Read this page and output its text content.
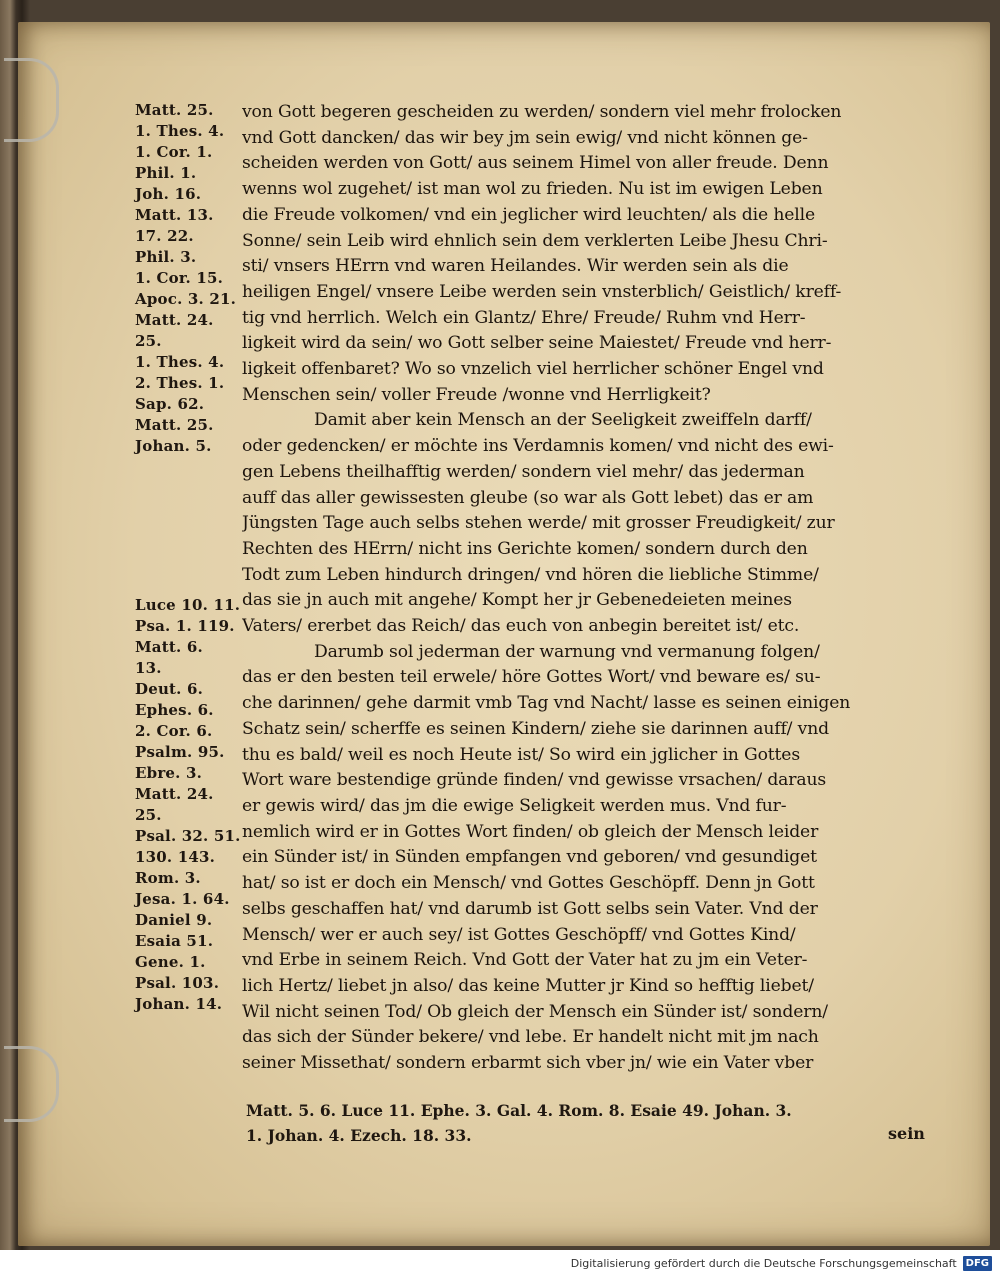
Matt. 25.
1. Thes. 4.
1. Cor. 1.
Phil. 1.
Joh. 16.
Matt. 13.
17. 22.
Phil. 3.
1. Cor. 15.
Apoc. 3. 21.
Matt. 24.
25.
1. Thes. 4.
2. Thes. 1.
Sap. 62.
Matt. 25.
Johan. 5.
Luce 10. 11.
Psa. 1. 119.
Matt. 6.
13.
Deut. 6.
Ephes. 6.
2. Cor. 6.
Psalm. 95.
Ebre. 3.
Matt. 24.
25.
Psal. 32. 51.
130. 143.
Rom. 3.
Jesa. 1. 64.
Daniel 9.
Esaia 51.
Gene. 1.
Psal. 103.
Johan. 14.
von Gott begeren gescheiden zu werden/ sondern viel mehr frolocken
vnd Gott dancken/ das wir bey jm sein ewig/ vnd nicht können ge-
scheiden werden von Gott/ aus seinem Himel von aller freude. Denn
wenns wol zugehet/ ist man wol zu frieden. Nu ist im ewigen Leben
die Freude volkomen/ vnd ein jeglicher wird leuchten/ als die helle
Sonne/ sein Leib wird ehnlich sein dem verklerten Leibe Jhesu Chri-
sti/ vnsers HErrn vnd waren Heilandes. Wir werden sein als die
heiligen Engel/ vnsere Leibe werden sein vnsterblich/ Geistlich/ kreff-
tig vnd herrlich. Welch ein Glantz/ Ehre/ Freude/ Ruhm vnd Herr-
ligkeit wird da sein/ wo Gott selber seine Maiestet/ Freude vnd herr-
ligkeit offenbaret? Wo so vnzelich viel herrlicher schöner Engel vnd
Menschen sein/ voller Freude /wonne vnd Herrligkeit?
Damit aber kein Mensch an der Seeligkeit zweiffeln darff/
oder gedencken/ er möchte ins Verdamnis komen/ vnd nicht des ewi-
gen Lebens theilhafftig werden/ sondern viel mehr/ das jederman
auff das aller gewissesten gleube (so war als Gott lebet) das er am
Jüngsten Tage auch selbs stehen werde/ mit grosser Freudigkeit/ zur
Rechten des HErrn/ nicht ins Gerichte komen/ sondern durch den
Todt zum Leben hindurch dringen/ vnd hören die liebliche Stimme/
das sie jn auch mit angehe/ Kompt her jr Gebenedeieten meines
Vaters/ ererbet das Reich/ das euch von anbegin bereitet ist/ etc.
Darumb sol jederman der warnung vnd vermanung folgen/
das er den besten teil erwele/ höre Gottes Wort/ vnd beware es/ su-
che darinnen/ gehe darmit vmb Tag vnd Nacht/ lasse es seinen einigen
Schatz sein/ scherffe es seinen Kindern/ ziehe sie darinnen auff/ vnd
thu es bald/ weil es noch Heute ist/ So wird ein jglicher in Gottes
Wort ware bestendige gründe finden/ vnd gewisse vrsachen/ daraus
er gewis wird/ das jm die ewige Seligkeit werden mus. Vnd fur-
nemlich wird er in Gottes Wort finden/ ob gleich der Mensch leider
ein Sünder ist/ in Sünden empfangen vnd geboren/ vnd gesundiget
hat/ so ist er doch ein Mensch/ vnd Gottes Geschöpff. Denn jn Gott
selbs geschaffen hat/ vnd darumb ist Gott selbs sein Vater. Vnd der
Mensch/ wer er auch sey/ ist Gottes Geschöpff/ vnd Gottes Kind/
vnd Erbe in seinem Reich. Vnd Gott der Vater hat zu jm ein Veter-
lich Hertz/ liebet jn also/ das keine Mutter jr Kind so hefftig liebet/
Wil nicht seinen Tod/ Ob gleich der Mensch ein Sünder ist/ sondern/
das sich der Sünder bekere/ vnd lebe. Er handelt nicht mit jm nach
seiner Missethat/ sondern erbarmt sich vber jn/ wie ein Vater vber
Matt. 5. 6. Luce 11. Ephe. 3. Gal. 4. Rom. 8. Esaie 49. Johan. 3.
1. Johan. 4. Ezech. 18. 33.	sein
Digitalisierung gefördert durch die Deutsche Forschungsgemeinschaft DFG
